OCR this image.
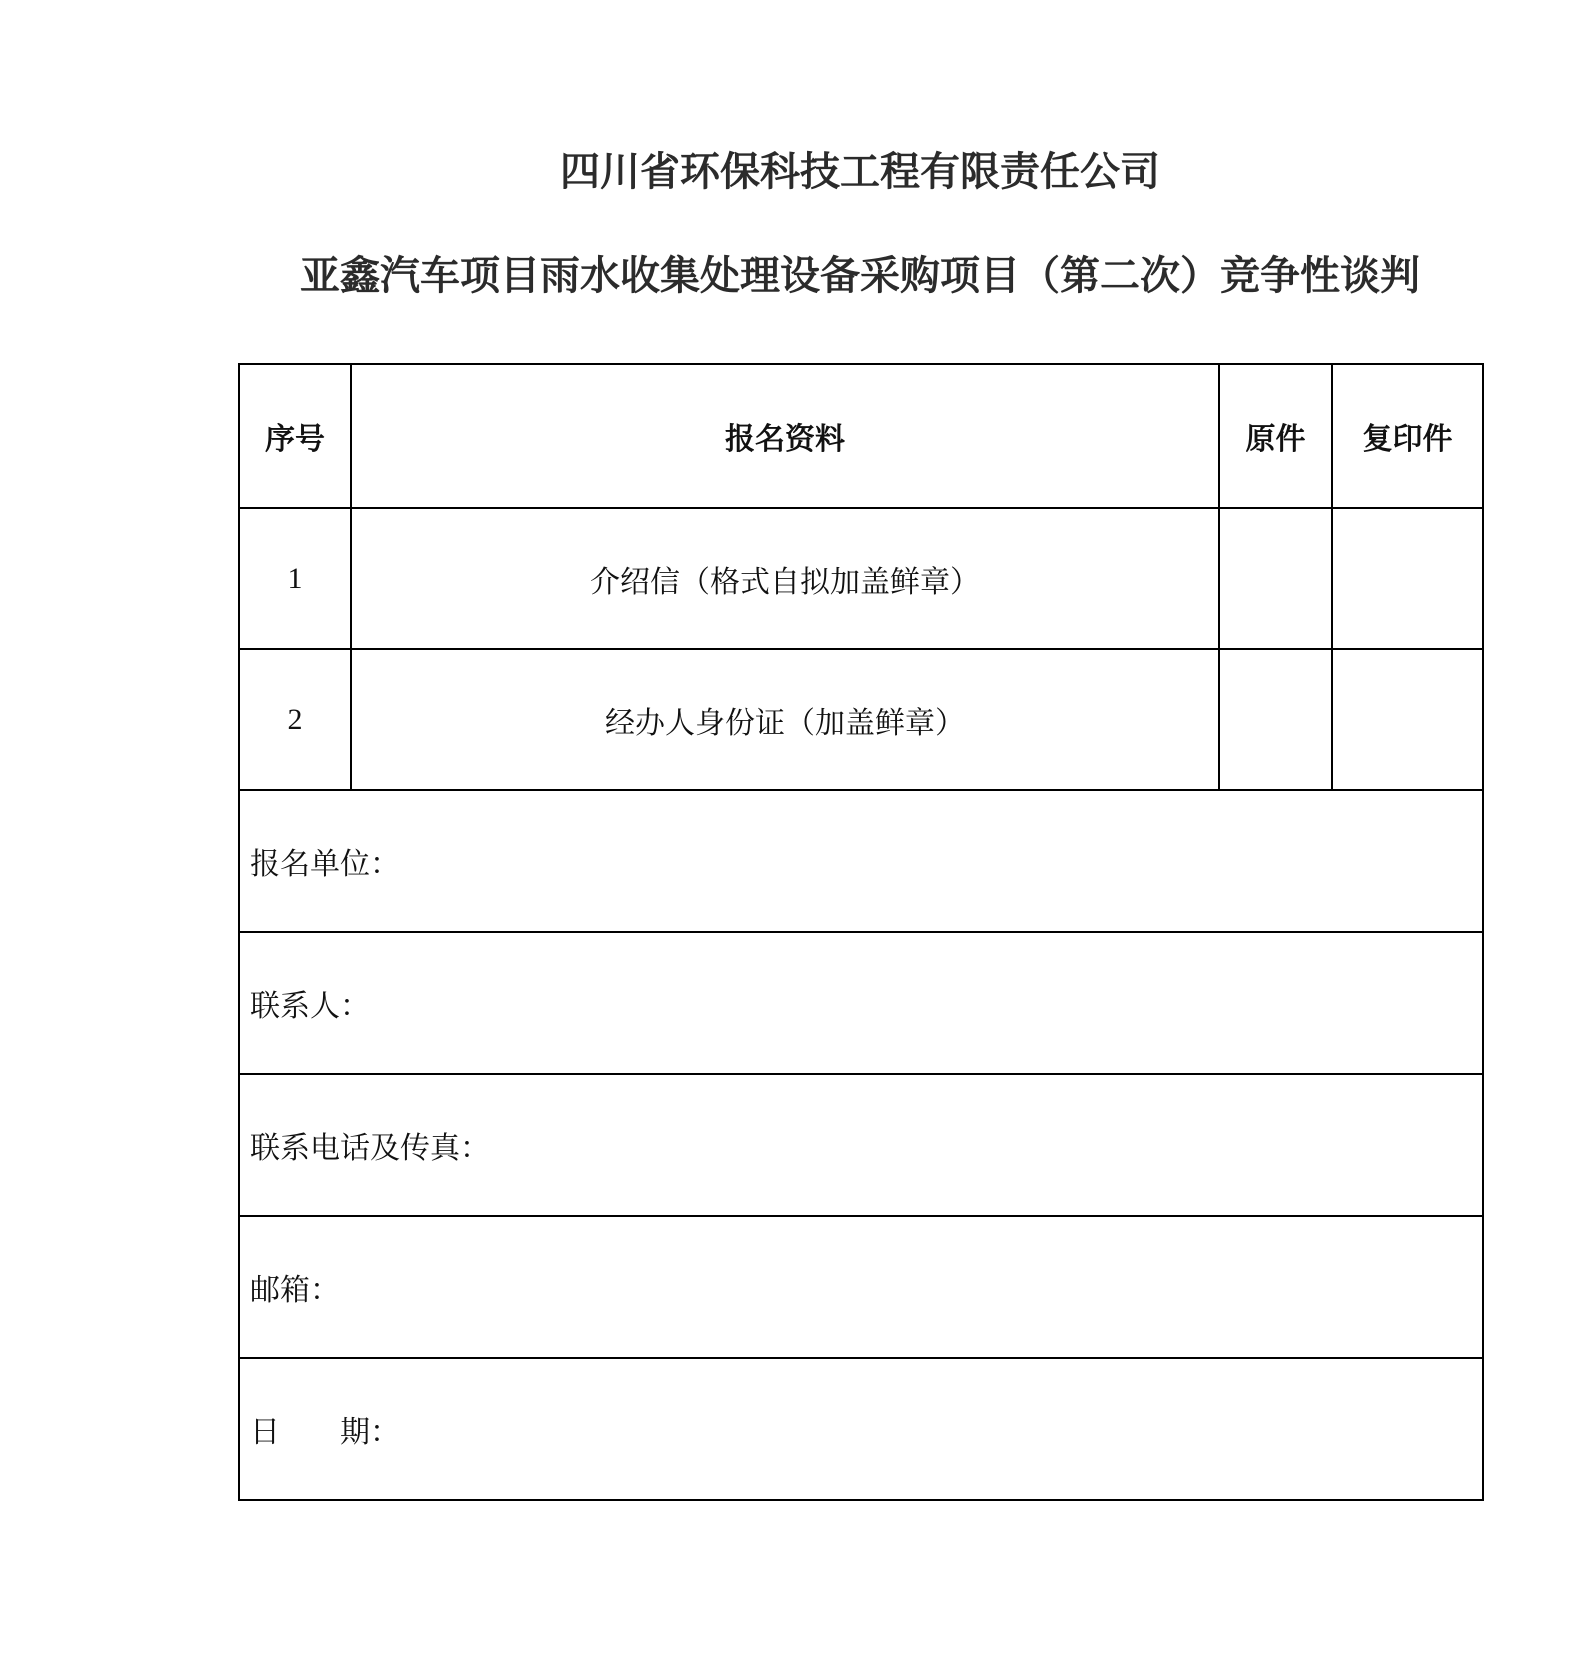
四川省环保科技工程有限责任公司
亚鑫汽车项目雨水收集处理设备采购项目（第二次）竞争性谈判
序号	报名资料	原件	复印件
1	介绍信（格式自拟加盖鲜章）		
2	经办人身份证（加盖鲜章）		
报名单位：			
联系人：			
联系电话及传真：			
邮箱：			
日　　期：			
